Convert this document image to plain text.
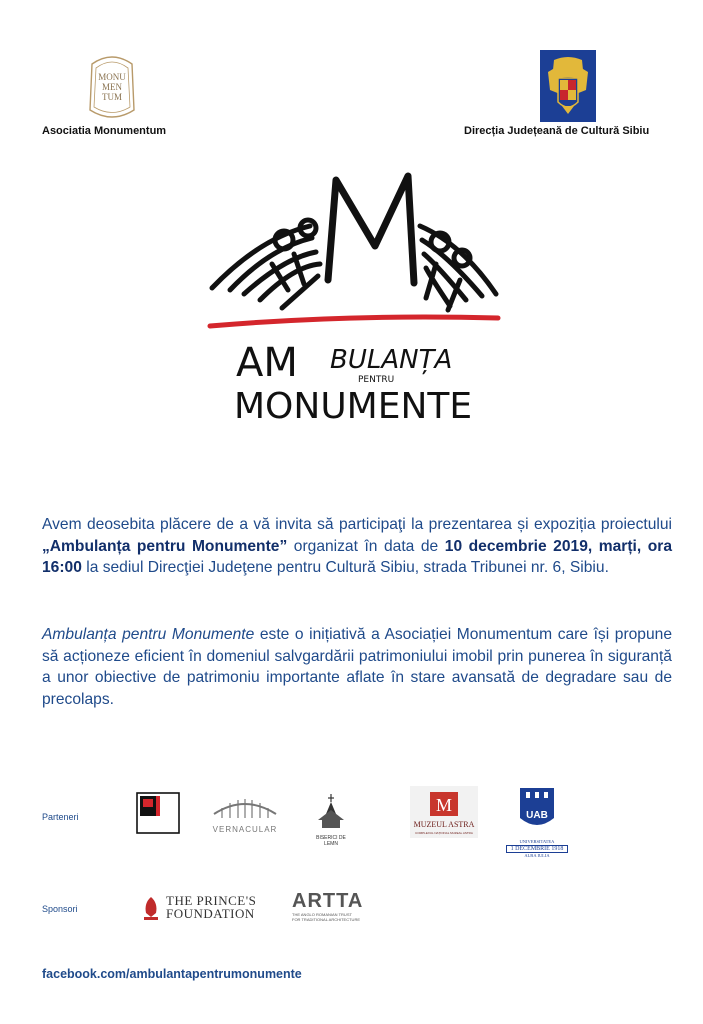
MONU
MEN
TUM
Asociatia Monumentum	Direcția Județeană de Cultură Sibiu
AM BULANȚA
PENTRU
MONUMENTE
Avem deosebita plăcere de a vă invita să participaţi la prezentarea și expoziția proiectului „Ambulanța pentru Monumente” organizat în data de 10 decembrie 2019, marți, ora 16:00 la sediul Direcţiei Judeţene pentru Cultură Sibiu, strada Tribunei nr. 6, Sibiu.
Ambulanța pentru Monumente este o inițiativă a Asociației Monumentum care își propune să acționeze eficient în domeniul salvgardării patrimoniului imobil prin punerea în siguranță a unor obiective de patrimoniu importante aflate în stare avansată de degradare sau de precolaps.
Parteneri
VERNACULAR
BISERICI DE LEMN
M
MUZEUL ASTRA
COMPLEXUL NAȚIONAL MUZEAL ASTRA
UAB
UNIVERSITATEA
1 DECEMBRIE 1918
ALBA IULIA
Sponsori
THE PRINCE'S
FOUNDATION
ARTTA
THE ANGLO ROMANIAN TRUST
FOR TRADITIONAL ARCHITECTURE
facebook.com/ambulantapentrumonumente
